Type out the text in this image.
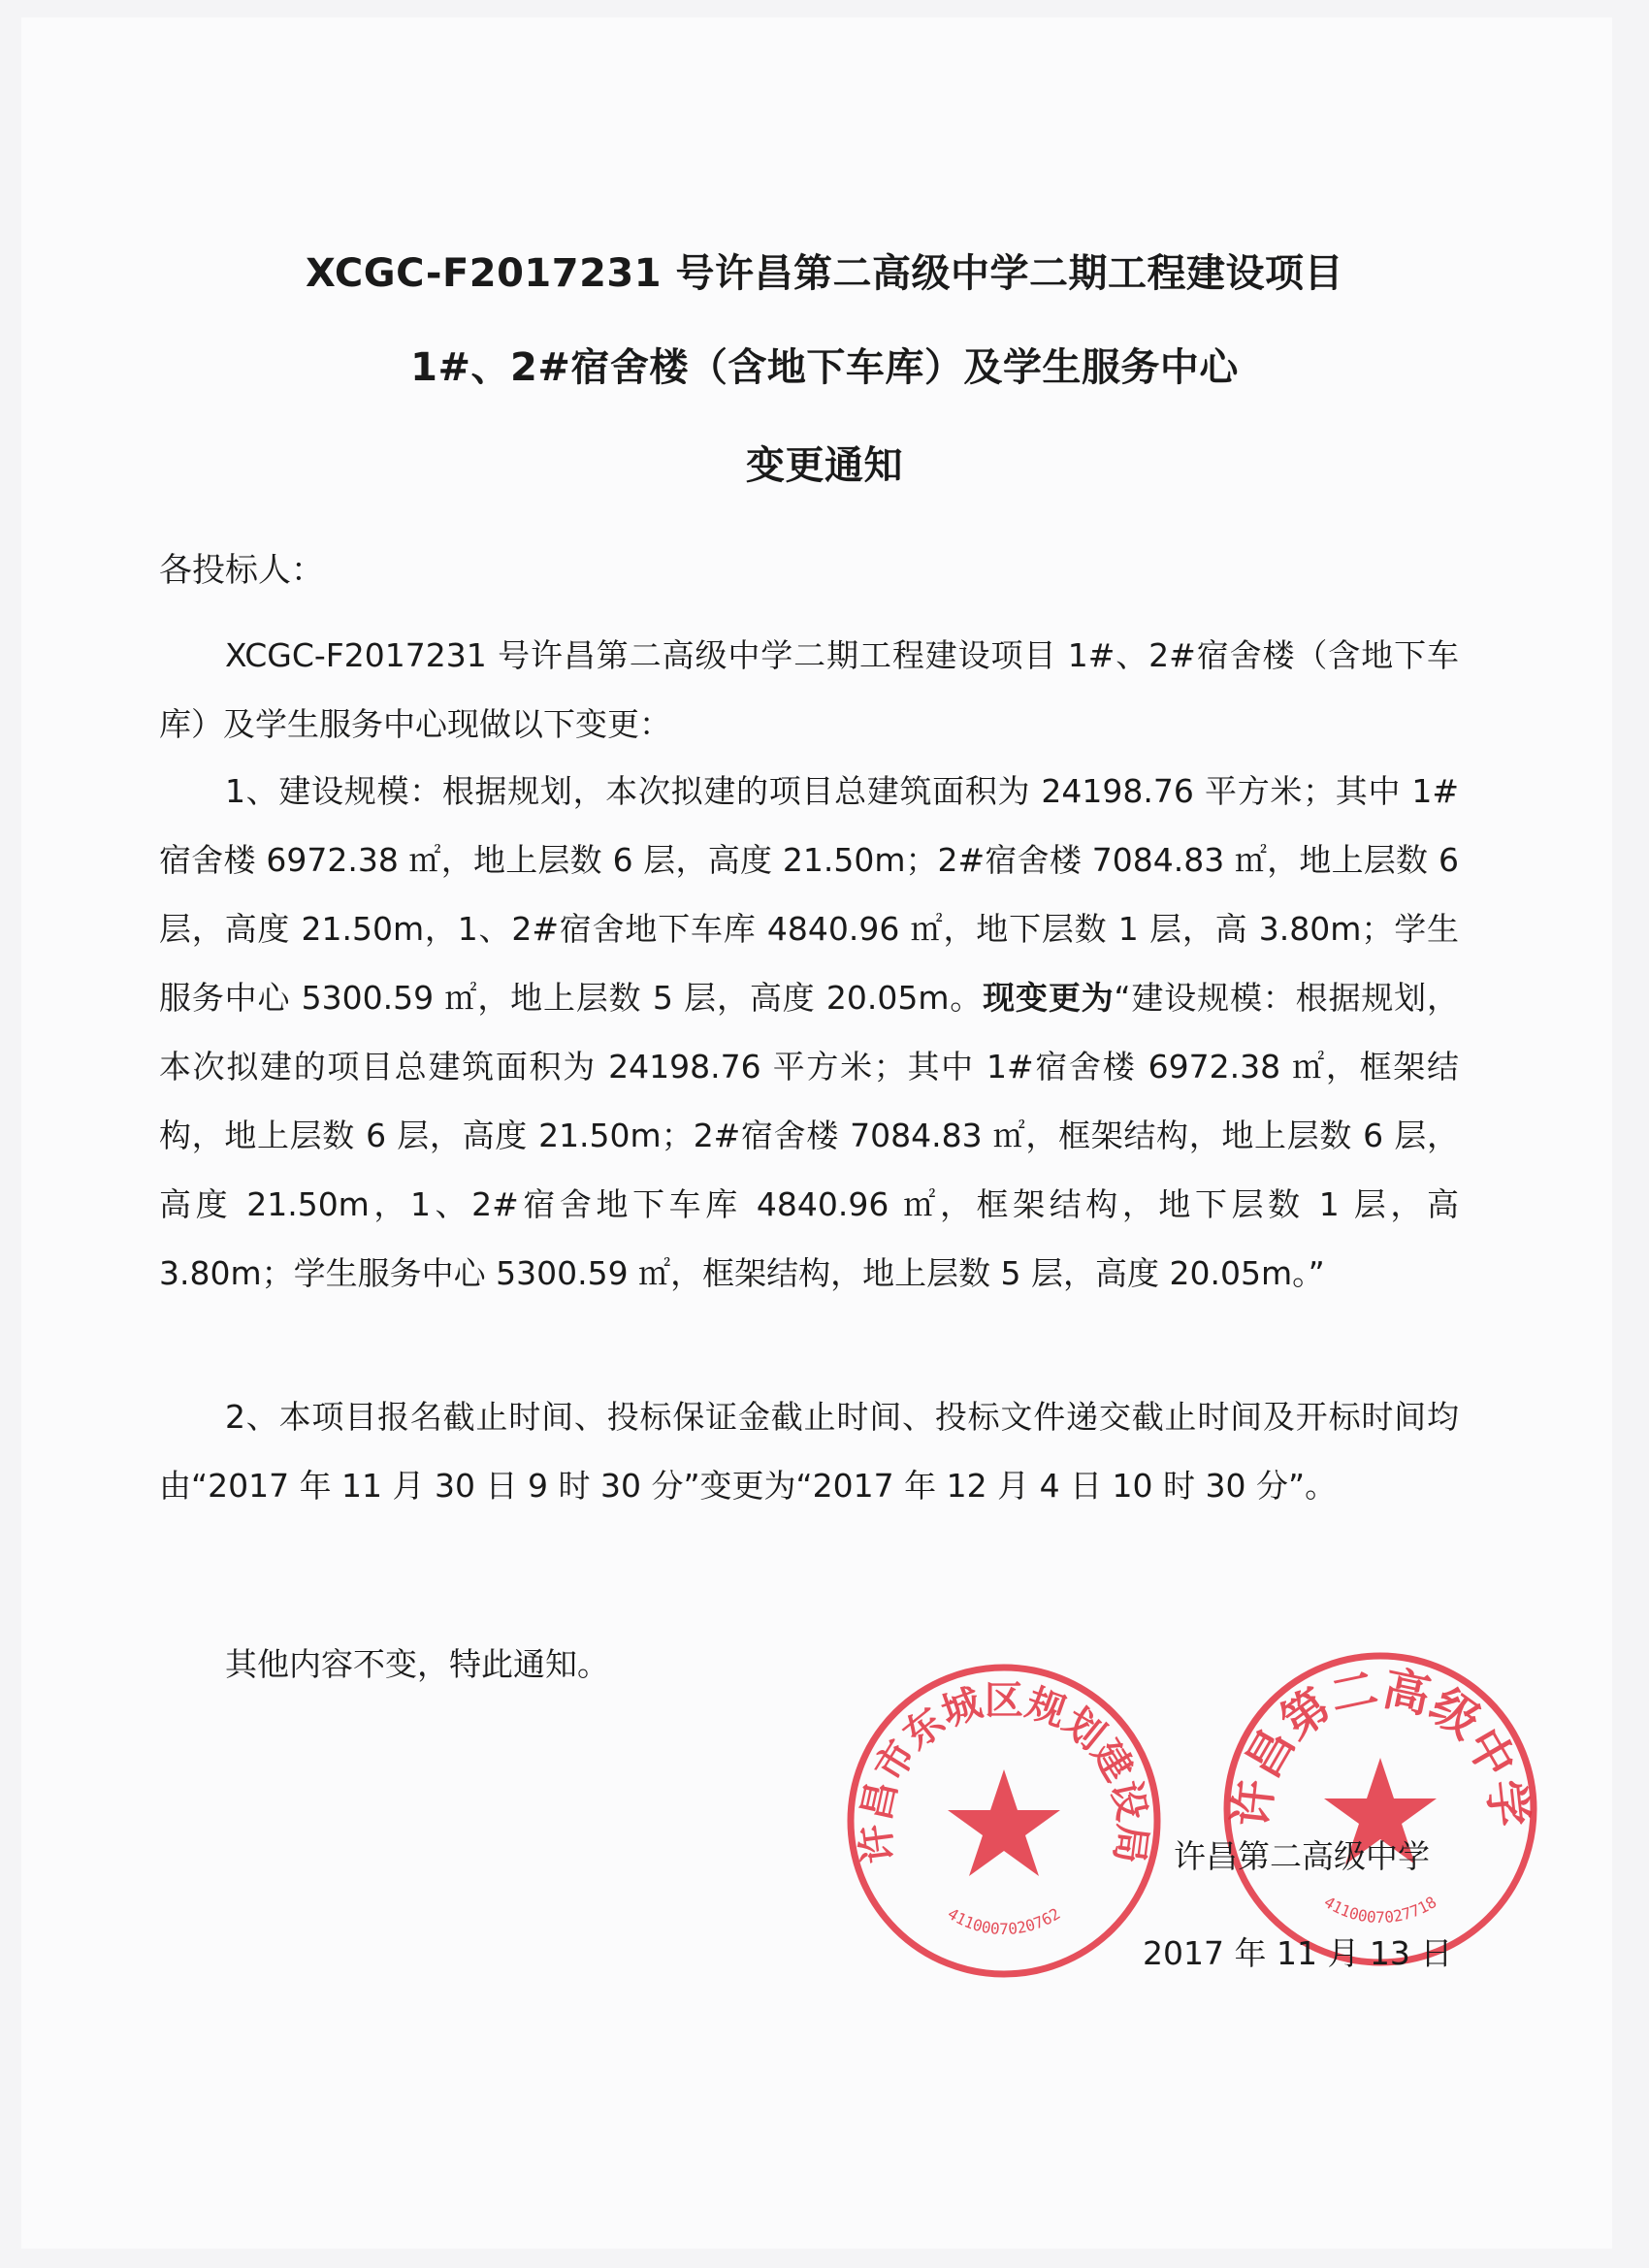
XCGC-F2017231 号许昌第二高级中学二期工程建设项目
1#、2#宿舍楼（含地下车库）及学生服务中心
变更通知
各投标人：

XCGC-F2017231 号许昌第二高级中学二期工程建设项目 1#、2#宿舍楼（含地下车库）及学生服务中心现做以下变更：

1、建设规模：根据规划，本次拟建的项目总建筑面积为 24198.76 平方米；其中 1#宿舍楼 6972.38 ㎡，地上层数 6 层，高度 21.50m；2#宿舍楼 7084.83 ㎡，地上层数 6 层，高度 21.50m，1、2#宿舍地下车库 4840.96 ㎡，地下层数 1 层，高 3.80m；学生服务中心 5300.59 ㎡，地上层数 5 层，高度 20.05m。现变更为“建设规模：根据规划，本次拟建的项目总建筑面积为 24198.76 平方米；其中 1#宿舍楼 6972.38 ㎡，框架结构，地上层数 6 层，高度 21.50m；2#宿舍楼 7084.83 ㎡，框架结构，地上层数 6 层，高度 21.50m，1、2#宿舍地下车库 4840.96 ㎡，框架结构，地下层数 1 层，高 3.80m；学生服务中心 5300.59 ㎡，框架结构，地上层数 5 层，高度 20.05m。”

2、本项目报名截止时间、投标保证金截止时间、投标文件递交截止时间及开标时间均由“2017 年 11 月 30 日 9 时 30 分”变更为“2017 年 12 月 4 日 10 时 30 分”。

其他内容不变，特此通知。

许昌市东城区规划建设局
4110007020762
许昌第二高级中学
4110007027718
许昌第二高级中学
2017 年 11 月 13 日
